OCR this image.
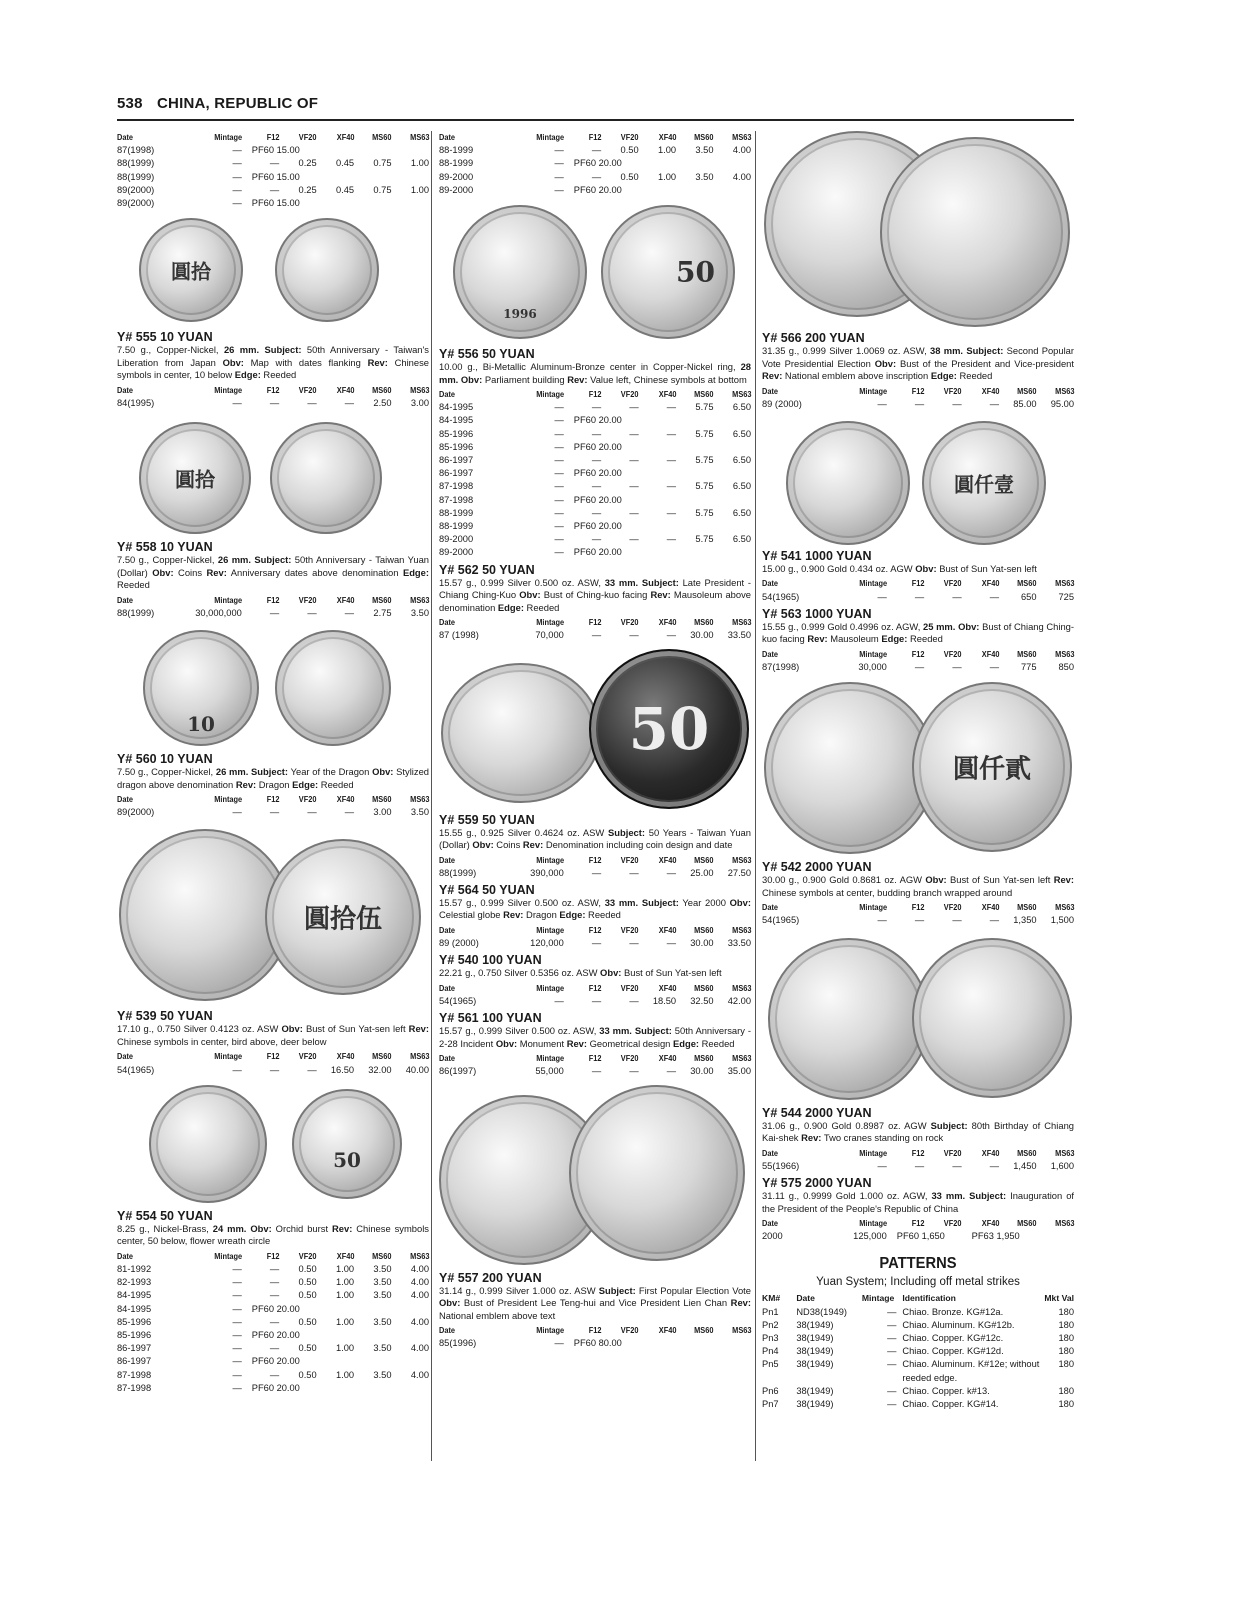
538 CHINA, REPUBLIC OF
Date	Mintage	F12	VF20	XF40	MS60	MS63
87(1998)	—	PF60 15.00				
88(1999)	—	—	0.25	0.45	0.75	1.00
88(1999)	—	PF60 15.00				
89(2000)	—	—	0.25	0.45	0.75	1.00
89(2000)	—	PF60 15.00				
圓拾
Y# 555 10 YUAN
7.50 g., Copper-Nickel, 26 mm. Subject: 50th Anniversary - Taiwan's Liberation from Japan Obv: Map with dates flanking Rev: Chinese symbols in center, 10 below Edge: Reeded
Date	Mintage	F12	VF20	XF40	MS60	MS63
84(1995)	—	—	—	—	2.50	3.00
圓拾
Y# 558 10 YUAN
7.50 g., Copper-Nickel, 26 mm. Subject: 50th Anniversary - Taiwan Yuan (Dollar) Obv: Coins Rev: Anniversary dates above denomination Edge: Reeded
Date	Mintage	F12	VF20	XF40	MS60	MS63
88(1999)	30,000,000	—	—	—	2.75	3.50
10
Y# 560 10 YUAN
7.50 g., Copper-Nickel, 26 mm. Subject: Year of the Dragon Obv: Stylized dragon above denomination Rev: Dragon Edge: Reeded
Date	Mintage	F12	VF20	XF40	MS60	MS63
89(2000)	—	—	—	—	3.00	3.50
圓拾伍
Y# 539 50 YUAN
17.10 g., 0.750 Silver 0.4123 oz. ASW Obv: Bust of Sun Yat-sen left Rev: Chinese symbols in center, bird above, deer below
Date	Mintage	F12	VF20	XF40	MS60	MS63
54(1965)	—	—	—	16.50	32.00	40.00
50
Y# 554 50 YUAN
8.25 g., Nickel-Brass, 24 mm. Obv: Orchid burst Rev: Chinese symbols center, 50 below, flower wreath circle
Date	Mintage	F12	VF20	XF40	MS60	MS63
81-1992	—	—	0.50	1.00	3.50	4.00
82-1993	—	—	0.50	1.00	3.50	4.00
84-1995	—	—	0.50	1.00	3.50	4.00
84-1995	—	PF60 20.00				
85-1996	—	—	0.50	1.00	3.50	4.00
85-1996	—	PF60 20.00				
86-1997	—	—	0.50	1.00	3.50	4.00
86-1997	—	PF60 20.00				
87-1998	—	—	0.50	1.00	3.50	4.00
87-1998	—	PF60 20.00				
Date	Mintage	F12	VF20	XF40	MS60	MS63
88-1999	—	—	0.50	1.00	3.50	4.00
88-1999	—	PF60 20.00				
89-2000	—	—	0.50	1.00	3.50	4.00
89-2000	—	PF60 20.00				
1996
50
Y# 556 50 YUAN
10.00 g., Bi-Metallic Aluminum-Bronze center in Copper-Nickel ring, 28 mm. Obv: Parliament building Rev: Value left, Chinese symbols at bottom
Date	Mintage	F12	VF20	XF40	MS60	MS63
84-1995	—	—	—	—	5.75	6.50
84-1995	—	PF60 20.00				
85-1996	—	—	—	—	5.75	6.50
85-1996	—	PF60 20.00				
86-1997	—	—	—	—	5.75	6.50
86-1997	—	PF60 20.00				
87-1998	—	—	—	—	5.75	6.50
87-1998	—	PF60 20.00				
88-1999	—	—	—	—	5.75	6.50
88-1999	—	PF60 20.00				
89-2000	—	—	—	—	5.75	6.50
89-2000	—	PF60 20.00				
Y# 562 50 YUAN
15.57 g., 0.999 Silver 0.500 oz. ASW, 33 mm. Subject: Late President - Chiang Ching-Kuo Obv: Bust of Ching-kuo facing Rev: Mausoleum above denomination Edge: Reeded
Date	Mintage	F12	VF20	XF40	MS60	MS63
87 (1998)	70,000	—	—	—	30.00	33.50
50
Y# 559 50 YUAN
15.55 g., 0.925 Silver 0.4624 oz. ASW Subject: 50 Years - Taiwan Yuan (Dollar) Obv: Coins Rev: Denomination including coin design and date
Date	Mintage	F12	VF20	XF40	MS60	MS63
88(1999)	390,000	—	—	—	25.00	27.50
Y# 564 50 YUAN
15.57 g., 0.999 Silver 0.500 oz. ASW, 33 mm. Subject: Year 2000 Obv: Celestial globe Rev: Dragon Edge: Reeded
Date	Mintage	F12	VF20	XF40	MS60	MS63
89 (2000)	120,000	—	—	—	30.00	33.50
Y# 540 100 YUAN
22.21 g., 0.750 Silver 0.5356 oz. ASW Obv: Bust of Sun Yat-sen left
Date	Mintage	F12	VF20	XF40	MS60	MS63
54(1965)	—	—	—	18.50	32.50	42.00
Y# 561 100 YUAN
15.57 g., 0.999 Silver 0.500 oz. ASW, 33 mm. Subject: 50th Anniversary - 2-28 Incident Obv: Monument Rev: Geometrical design Edge: Reeded
Date	Mintage	F12	VF20	XF40	MS60	MS63
86(1997)	55,000	—	—	—	30.00	35.00
Y# 557 200 YUAN
31.14 g., 0.999 Silver 1.000 oz. ASW Subject: First Popular Election Vote Obv: Bust of President Lee Teng-hui and Vice President Lien Chan Rev: National emblem above text
Date	Mintage	F12	VF20	XF40	MS60	MS63
85(1996)	—	PF60 80.00				
Y# 566 200 YUAN
31.35 g., 0.999 Silver 1.0069 oz. ASW, 38 mm. Subject: Second Popular Vote Presidential Election Obv: Bust of the President and Vice-president Rev: National emblem above inscription Edge: Reeded
Date	Mintage	F12	VF20	XF40	MS60	MS63
89 (2000)	—	—	—	—	85.00	95.00
圓仟壹
Y# 541 1000 YUAN
15.00 g., 0.900 Gold 0.434 oz. AGW Obv: Bust of Sun Yat-sen left
Date	Mintage	F12	VF20	XF40	MS60	MS63
54(1965)	—	—	—	—	650	725
Y# 563 1000 YUAN
15.55 g., 0.999 Gold 0.4996 oz. AGW, 25 mm. Obv: Bust of Chiang Ching-kuo facing Rev: Mausoleum Edge: Reeded
Date	Mintage	F12	VF20	XF40	MS60	MS63
87(1998)	30,000	—	—	—	775	850
圓仟貳
Y# 542 2000 YUAN
30.00 g., 0.900 Gold 0.8681 oz. AGW Obv: Bust of Sun Yat-sen left Rev: Chinese symbols at center, budding branch wrapped around
Date	Mintage	F12	VF20	XF40	MS60	MS63
54(1965)	—	—	—	—	1,350	1,500
Y# 544 2000 YUAN
31.06 g., 0.900 Gold 0.8987 oz. AGW Subject: 80th Birthday of Chiang Kai-shek Rev: Two cranes standing on rock
Date	Mintage	F12	VF20	XF40	MS60	MS63
55(1966)	—	—	—	—	1,450	1,600
Y# 575 2000 YUAN
31.11 g., 0.9999 Gold 1.000 oz. AGW, 33 mm. Subject: Inauguration of the President of the People's Republic of China
Date	Mintage	F12	VF20	XF40	MS60	MS63
2000	125,000	PF60 1,650		PF63 1,950		
PATTERNS
Yuan System; Including off metal strikes
KM#	Date	Mintage	Identification	Mkt Val
Pn1	ND38(1949)	—	Chiao. Bronze. KG#12a.	180
Pn2	38(1949)	—	Chiao. Aluminum. KG#12b.	180
Pn3	38(1949)	—	Chiao. Copper. KG#12c.	180
Pn4	38(1949)	—	Chiao. Copper. KG#12d.	180
Pn5	38(1949)	—	Chiao. Aluminum. K#12e; without reeded edge.	180
Pn6	38(1949)	—	Chiao. Copper. k#13.	180
Pn7	38(1949)	—	Chiao. Copper. KG#14.	180
